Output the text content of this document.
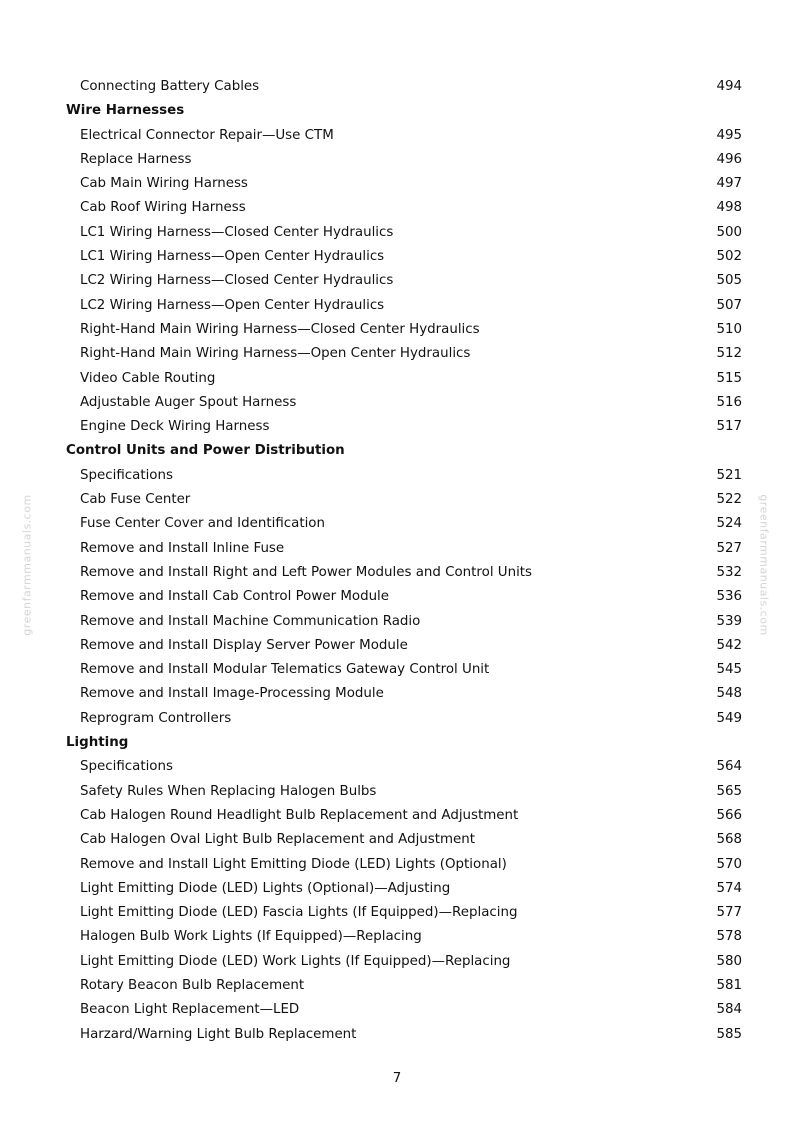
greenfarmmanuals.com	greenfarmmanuals.com
Connecting Battery Cables	494
Wire Harnesses
Electrical Connector Repair—Use CTM	495
Replace Harness	496
Cab Main Wiring Harness	497
Cab Roof Wiring Harness	498
LC1 Wiring Harness—Closed Center Hydraulics	500
LC1 Wiring Harness—Open Center Hydraulics	502
LC2 Wiring Harness—Closed Center Hydraulics	505
LC2 Wiring Harness—Open Center Hydraulics	507
Right-Hand Main Wiring Harness—Closed Center Hydraulics	510
Right-Hand Main Wiring Harness—Open Center Hydraulics	512
Video Cable Routing	515
Adjustable Auger Spout Harness	516
Engine Deck Wiring Harness	517
Control Units and Power Distribution
Specifications	521
Cab Fuse Center	522
Fuse Center Cover and Identification	524
Remove and Install Inline Fuse	527
Remove and Install Right and Left Power Modules and Control Units	532
Remove and Install Cab Control Power Module	536
Remove and Install Machine Communication Radio	539
Remove and Install Display Server Power Module	542
Remove and Install Modular Telematics Gateway Control Unit	545
Remove and Install Image-Processing Module	548
Reprogram Controllers	549
Lighting
Specifications	564
Safety Rules When Replacing Halogen Bulbs	565
Cab Halogen Round Headlight Bulb Replacement and Adjustment	566
Cab Halogen Oval Light Bulb Replacement and Adjustment	568
Remove and Install Light Emitting Diode (LED) Lights (Optional)	570
Light Emitting Diode (LED) Lights (Optional)—Adjusting	574
Light Emitting Diode (LED) Fascia Lights (If Equipped)—Replacing	577
Halogen Bulb Work Lights (If Equipped)—Replacing	578
Light Emitting Diode (LED) Work Lights (If Equipped)—Replacing	580
Rotary Beacon Bulb Replacement	581
Beacon Light Replacement—LED	584
Harzard/Warning Light Bulb Replacement	585
7
